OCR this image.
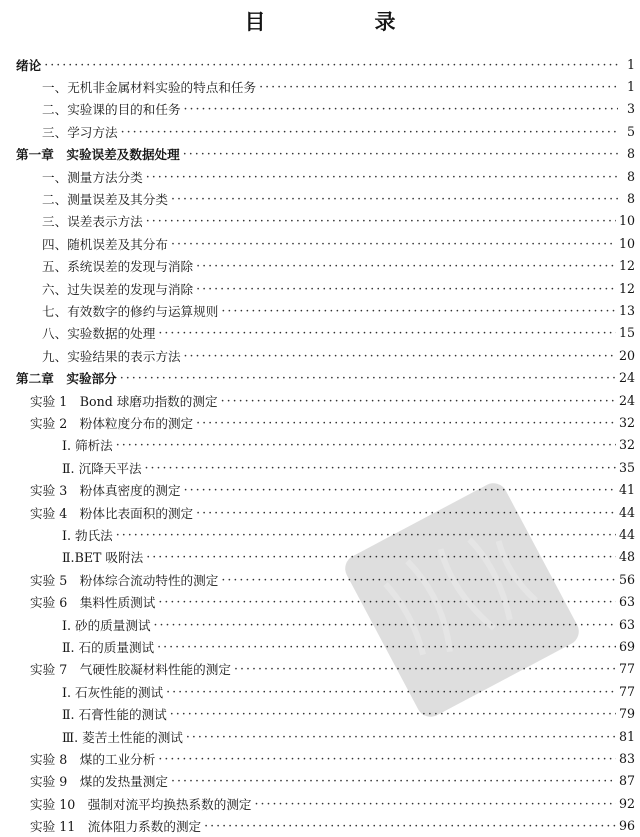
目　录
绪论 ·····	1
一、无机非金属材料实验的特点和任务 ·····	1
二、实验课的目的和任务 ·····	3
三、学习方法 ·····	5
第一章　实验误差及数据处理 ·····	8
一、测量方法分类 ·····	8
二、测量误差及其分类 ·····	8
三、误差表示方法 ·····	10
四、随机误差及其分布 ·····	10
五、系统误差的发现与消除 ·····	12
六、过失误差的发现与消除 ·····	12
七、有效数字的修约与运算规则 ·····	13
八、实验数据的处理 ·····	15
九、实验结果的表示方法 ·····	20
第二章　实验部分 ·····	24
实验 1　Bond 球磨功指数的测定 ·····	24
实验 2　粉体粒度分布的测定 ·····	32
Ⅰ. 筛析法 ·····	32
Ⅱ. 沉降天平法 ·····	35
实验 3　粉体真密度的测定 ·····	41
实验 4　粉体比表面积的测定 ·····	44
Ⅰ. 勃氏法 ·····	44
Ⅱ.BET 吸附法 ·····	48
实验 5　粉体综合流动特性的测定 ·····	56
实验 6　集料性质测试 ·····	63
Ⅰ. 砂的质量测试 ·····	63
Ⅱ. 石的质量测试 ·····	69
实验 7　气硬性胶凝材料性能的测定 ·····	77
Ⅰ. 石灰性能的测试 ·····	77
Ⅱ. 石膏性能的测试 ·····	79
Ⅲ. 菱苦土性能的测试 ·····	81
实验 8　煤的工业分析 ·····	83
实验 9　煤的发热量测定 ·····	87
实验 10　强制对流平均换热系数的测定 ·····	92
实验 11　流体阻力系数的测定 ·····	96
